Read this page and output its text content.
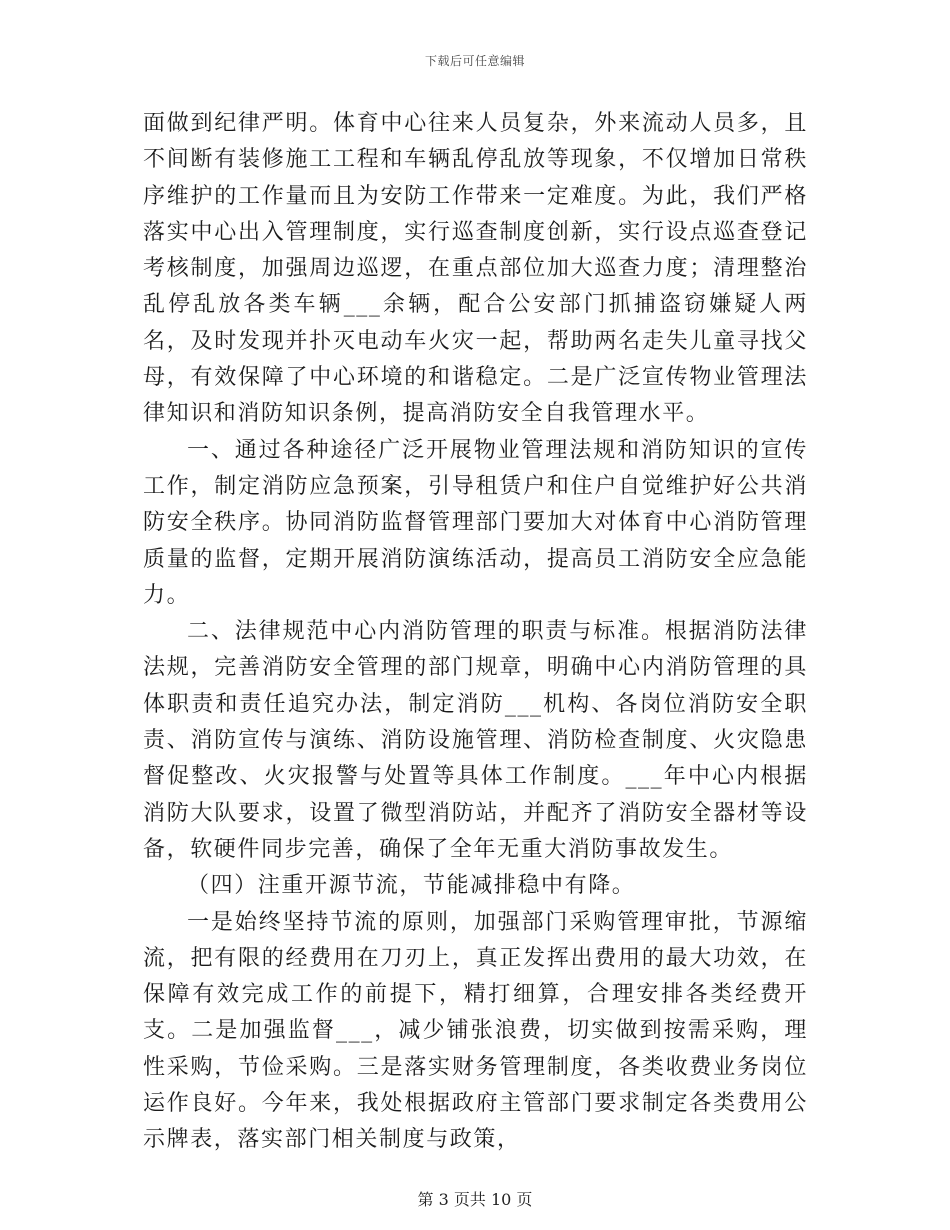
下载后可任意编辑

面做到纪律严明。体育中心往来人员复杂，外来流动人员多，且不间断有装修施工工程和车辆乱停乱放等现象，不仅增加日常秩序维护的工作量而且为安防工作带来一定难度。为此，我们严格落实中心出入管理制度，实行巡查制度创新，实行设点巡查登记考核制度，加强周边巡逻，在重点部位加大巡查力度；清理整治乱停乱放各类车辆___余辆，配合公安部门抓捕盗窃嫌疑人两名，及时发现并扑灭电动车火灾一起，帮助两名走失儿童寻找父母，有效保障了中心环境的和谐稳定。二是广泛宣传物业管理法律知识和消防知识条例，提高消防安全自我管理水平。

一、通过各种途径广泛开展物业管理法规和消防知识的宣传工作，制定消防应急预案，引导租赁户和住户自觉维护好公共消防安全秩序。协同消防监督管理部门要加大对体育中心消防管理质量的监督，定期开展消防演练活动，提高员工消防安全应急能力。

二、法律规范中心内消防管理的职责与标准。根据消防法律法规，完善消防安全管理的部门规章，明确中心内消防管理的具体职责和责任追究办法，制定消防___机构、各岗位消防安全职责、消防宣传与演练、消防设施管理、消防检查制度、火灾隐患督促整改、火灾报警与处置等具体工作制度。___年中心内根据消防大队要求，设置了微型消防站，并配齐了消防安全器材等设备，软硬件同步完善，确保了全年无重大消防事故发生。

（四）注重开源节流，节能减排稳中有降。

一是始终坚持节流的原则，加强部门采购管理审批，节源缩流，把有限的经费用在刀刃上，真正发挥出费用的最大功效，在保障有效完成工作的前提下，精打细算，合理安排各类经费开支。二是加强监督___，减少铺张浪费，切实做到按需采购，理性采购，节俭采购。三是落实财务管理制度，各类收费业务岗位运作良好。今年来，我处根据政府主管部门要求制定各类费用公示牌表，落实部门相关制度与政策，

第 3 页共 10 页
